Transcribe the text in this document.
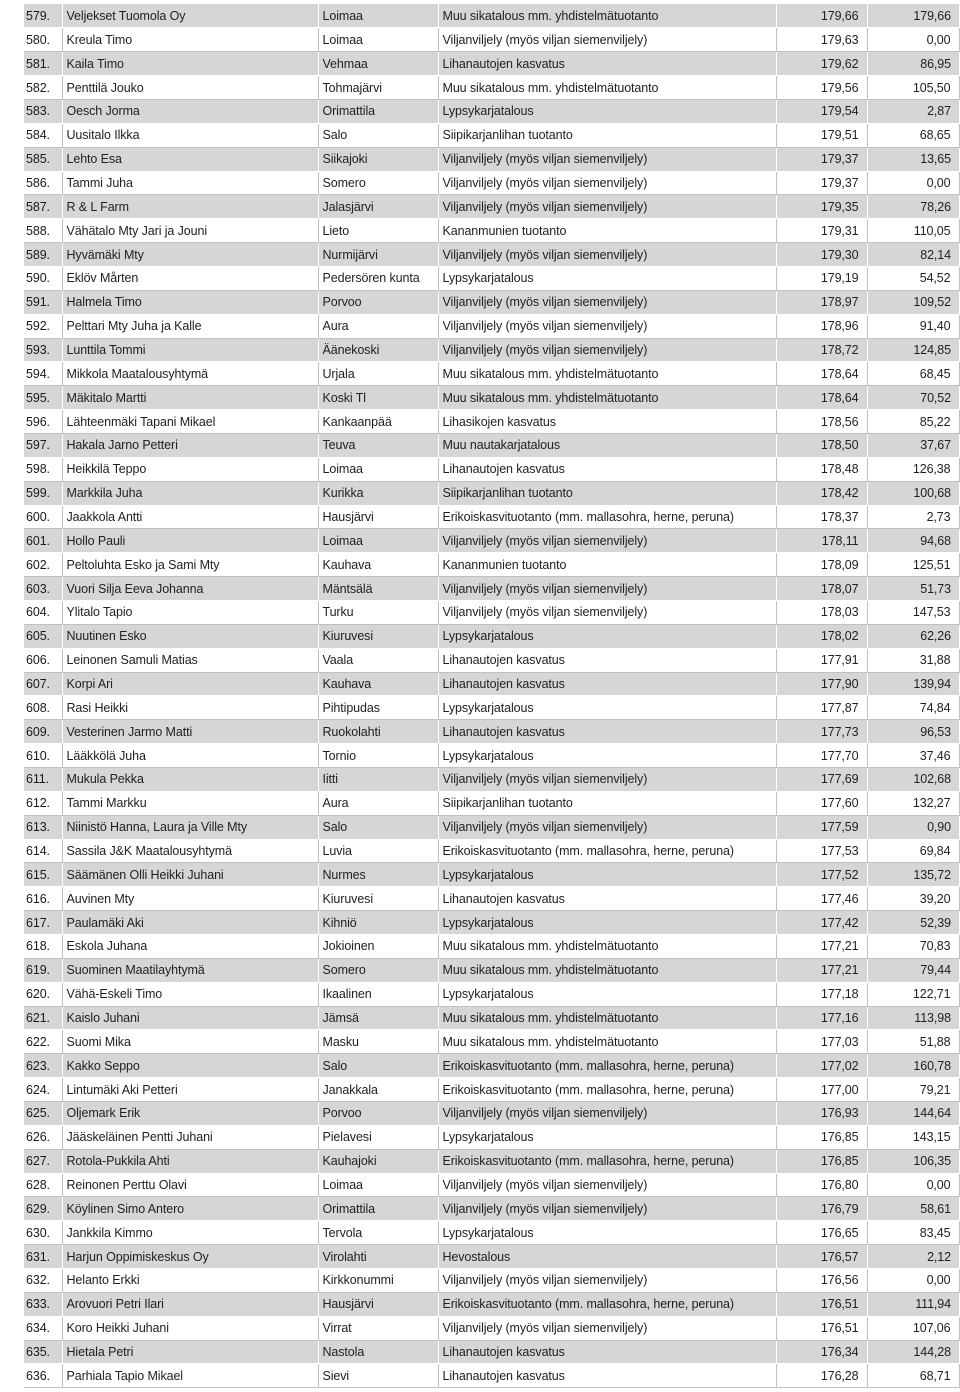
579.	Veljekset Tuomola Oy	Loimaa	Muu sikatalous mm. yhdistelmätuotanto	179,66	179,66
580.	Kreula Timo	Loimaa	Viljanviljely (myös viljan siemenviljely)	179,63	0,00
581.	Kaila Timo	Vehmaa	Lihanautojen kasvatus	179,62	86,95
582.	Penttilä Jouko	Tohmajärvi	Muu sikatalous mm. yhdistelmätuotanto	179,56	105,50
583.	Oesch Jorma	Orimattila	Lypsykarjatalous	179,54	2,87
584.	Uusitalo Ilkka	Salo	Siipikarjanlihan tuotanto	179,51	68,65
585.	Lehto Esa	Siikajoki	Viljanviljely (myös viljan siemenviljely)	179,37	13,65
586.	Tammi Juha	Somero	Viljanviljely (myös viljan siemenviljely)	179,37	0,00
587.	R & L Farm	Jalasjärvi	Viljanviljely (myös viljan siemenviljely)	179,35	78,26
588.	Vähätalo Mty Jari ja Jouni	Lieto	Kananmunien tuotanto	179,31	110,05
589.	Hyvämäki Mty	Nurmijärvi	Viljanviljely (myös viljan siemenviljely)	179,30	82,14
590.	Eklöv Mårten	Pedersören kunta	Lypsykarjatalous	179,19	54,52
591.	Halmela Timo	Porvoo	Viljanviljely (myös viljan siemenviljely)	178,97	109,52
592.	Pelttari Mty Juha ja Kalle	Aura	Viljanviljely (myös viljan siemenviljely)	178,96	91,40
593.	Lunttila Tommi	Äänekoski	Viljanviljely (myös viljan siemenviljely)	178,72	124,85
594.	Mikkola Maatalousyhtymä	Urjala	Muu sikatalous mm. yhdistelmätuotanto	178,64	68,45
595.	Mäkitalo Martti	Koski Tl	Muu sikatalous mm. yhdistelmätuotanto	178,64	70,52
596.	Lähteenmäki Tapani Mikael	Kankaanpää	Lihasikojen kasvatus	178,56	85,22
597.	Hakala Jarno Petteri	Teuva	Muu nautakarjatalous	178,50	37,67
598.	Heikkilä Teppo	Loimaa	Lihanautojen kasvatus	178,48	126,38
599.	Markkila Juha	Kurikka	Siipikarjanlihan tuotanto	178,42	100,68
600.	Jaakkola Antti	Hausjärvi	Erikoiskasvituotanto (mm. mallasohra, herne, peruna)	178,37	2,73
601.	Hollo Pauli	Loimaa	Viljanviljely (myös viljan siemenviljely)	178,11	94,68
602.	Peltoluhta Esko ja Sami Mty	Kauhava	Kananmunien tuotanto	178,09	125,51
603.	Vuori Silja Eeva Johanna	Mäntsälä	Viljanviljely (myös viljan siemenviljely)	178,07	51,73
604.	Ylitalo Tapio	Turku	Viljanviljely (myös viljan siemenviljely)	178,03	147,53
605.	Nuutinen Esko	Kiuruvesi	Lypsykarjatalous	178,02	62,26
606.	Leinonen Samuli Matias	Vaala	Lihanautojen kasvatus	177,91	31,88
607.	Korpi Ari	Kauhava	Lihanautojen kasvatus	177,90	139,94
608.	Rasi Heikki	Pihtipudas	Lypsykarjatalous	177,87	74,84
609.	Vesterinen Jarmo Matti	Ruokolahti	Lihanautojen kasvatus	177,73	96,53
610.	Lääkkölä Juha	Tornio	Lypsykarjatalous	177,70	37,46
611.	Mukula Pekka	Iitti	Viljanviljely (myös viljan siemenviljely)	177,69	102,68
612.	Tammi Markku	Aura	Siipikarjanlihan tuotanto	177,60	132,27
613.	Niinistö Hanna, Laura ja Ville Mty	Salo	Viljanviljely (myös viljan siemenviljely)	177,59	0,90
614.	Sassila J&K Maatalousyhtymä	Luvia	Erikoiskasvituotanto (mm. mallasohra, herne, peruna)	177,53	69,84
615.	Säämänen Olli Heikki Juhani	Nurmes	Lypsykarjatalous	177,52	135,72
616.	Auvinen Mty	Kiuruvesi	Lihanautojen kasvatus	177,46	39,20
617.	Paulamäki Aki	Kihniö	Lypsykarjatalous	177,42	52,39
618.	Eskola Juhana	Jokioinen	Muu sikatalous mm. yhdistelmätuotanto	177,21	70,83
619.	Suominen Maatilayhtymä	Somero	Muu sikatalous mm. yhdistelmätuotanto	177,21	79,44
620.	Vähä-Eskeli Timo	Ikaalinen	Lypsykarjatalous	177,18	122,71
621.	Kaislo Juhani	Jämsä	Muu sikatalous mm. yhdistelmätuotanto	177,16	113,98
622.	Suomi Mika	Masku	Muu sikatalous mm. yhdistelmätuotanto	177,03	51,88
623.	Kakko Seppo	Salo	Erikoiskasvituotanto (mm. mallasohra, herne, peruna)	177,02	160,78
624.	Lintumäki Aki Petteri	Janakkala	Erikoiskasvituotanto (mm. mallasohra, herne, peruna)	177,00	79,21
625.	Oljemark Erik	Porvoo	Viljanviljely (myös viljan siemenviljely)	176,93	144,64
626.	Jääskeläinen Pentti Juhani	Pielavesi	Lypsykarjatalous	176,85	143,15
627.	Rotola-Pukkila Ahti	Kauhajoki	Erikoiskasvituotanto (mm. mallasohra, herne, peruna)	176,85	106,35
628.	Reinonen Perttu Olavi	Loimaa	Viljanviljely (myös viljan siemenviljely)	176,80	0,00
629.	Köylinen Simo Antero	Orimattila	Viljanviljely (myös viljan siemenviljely)	176,79	58,61
630.	Jankkila Kimmo	Tervola	Lypsykarjatalous	176,65	83,45
631.	Harjun Oppimiskeskus Oy	Virolahti	Hevostalous	176,57	2,12
632.	Helanto Erkki	Kirkkonummi	Viljanviljely (myös viljan siemenviljely)	176,56	0,00
633.	Arovuori Petri Ilari	Hausjärvi	Erikoiskasvituotanto (mm. mallasohra, herne, peruna)	176,51	111,94
634.	Koro Heikki Juhani	Virrat	Viljanviljely (myös viljan siemenviljely)	176,51	107,06
635.	Hietala Petri	Nastola	Lihanautojen kasvatus	176,34	144,28
636.	Parhiala Tapio Mikael	Sievi	Lihanautojen kasvatus	176,28	68,71
